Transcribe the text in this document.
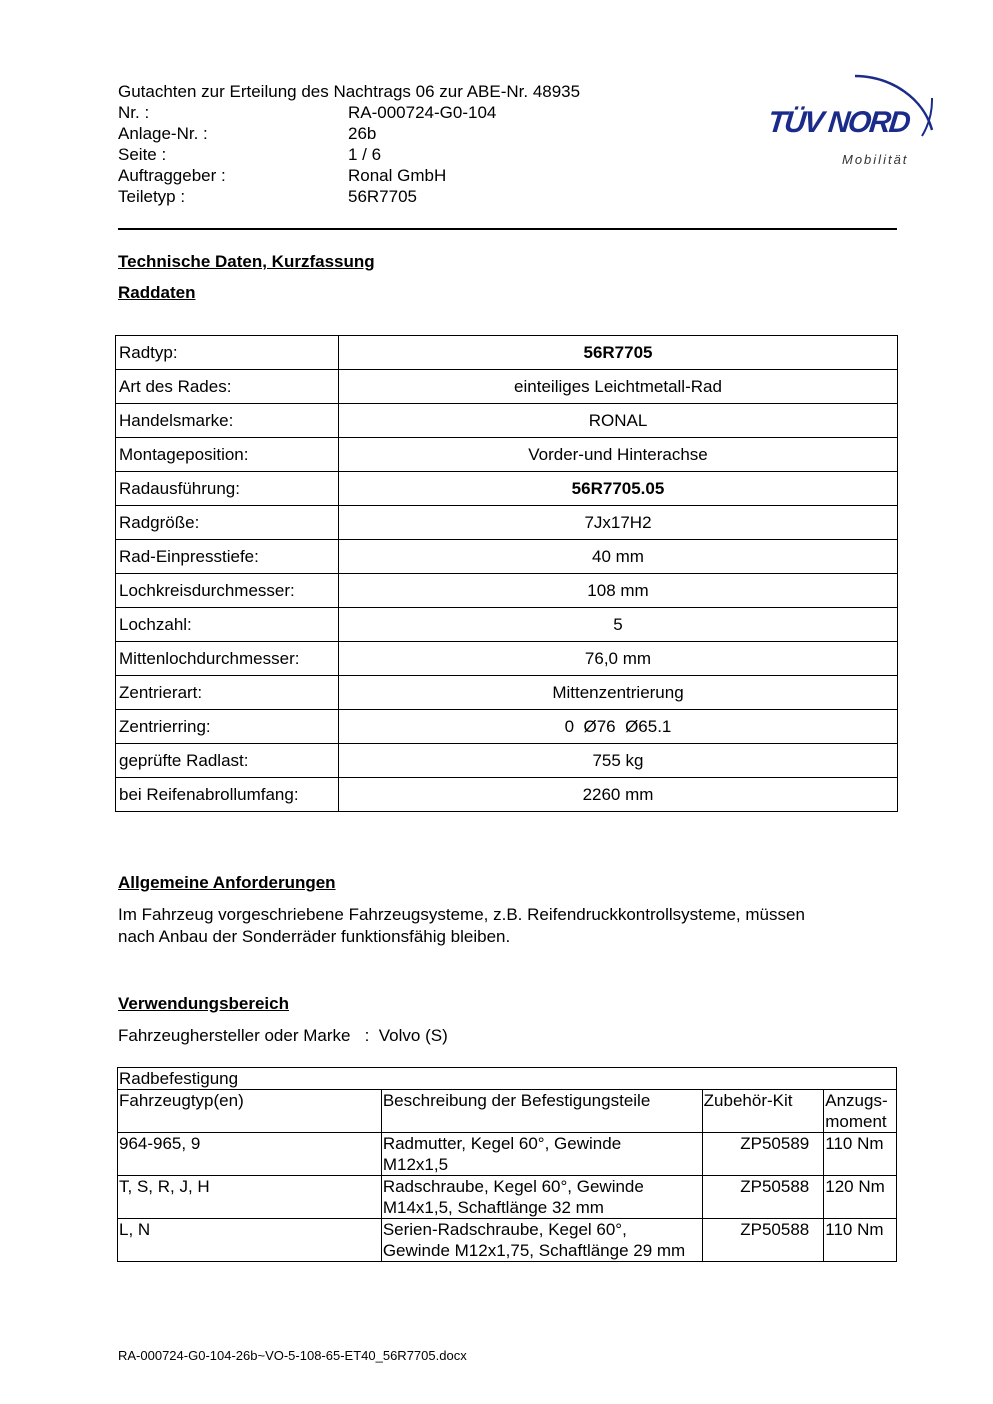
Gutachten zur Erteilung des Nachtrags 06 zur ABE-Nr. 48935
Nr. :	RA-000724-G0-104
Anlage-Nr. :	26b
Seite :	1 / 6
Auftraggeber :	Ronal GmbH
Teiletyp :	56R7705
TÜV NORD
Mobilität
Technische Daten, Kurzfassung
Raddaten
Radtyp:	56R7705
Art des Rades:	einteiliges Leichtmetall-Rad
Handelsmarke:	RONAL
Montageposition:	Vorder-und Hinterachse
Radausführung:	56R7705.05
Radgröße:	7Jx17H2
Rad-Einpresstiefe:	40 mm
Lochkreisdurchmesser:	108 mm
Lochzahl:	5
Mittenlochdurchmesser:	76,0 mm
Zentrierart:	Mittenzentrierung
Zentrierring:	0  Ø76  Ø65.1
geprüfte Radlast:	755 kg
bei Reifenabrollumfang:	2260 mm
Allgemeine Anforderungen
Im Fahrzeug vorgeschriebene Fahrzeugsysteme, z.B. Reifendruckkontrollsysteme, müssen
nach Anbau der Sonderräder funktionsfähig bleiben.
Verwendungsbereich
Fahrzeughersteller oder Marke   :  Volvo (S)
Radbefestigung			
Fahrzeugtyp(en)	Beschreibung der Befestigungsteile	Zubehör-Kit	Anzugs-
moment

964-965, 9	Radmutter, Kegel 60°, Gewinde
M12x1,5	ZP50589	110 Nm
T, S, R, J, H	Radschraube, Kegel 60°, Gewinde
M14x1,5, Schaftlänge 32 mm	ZP50588	120 Nm
L, N	Serien-Radschraube, Kegel 60°,
Gewinde M12x1,75, Schaftlänge 29 mm	ZP50588	110 Nm
RA-000724-G0-104-26b~VO-5-108-65-ET40_56R7705.docx
